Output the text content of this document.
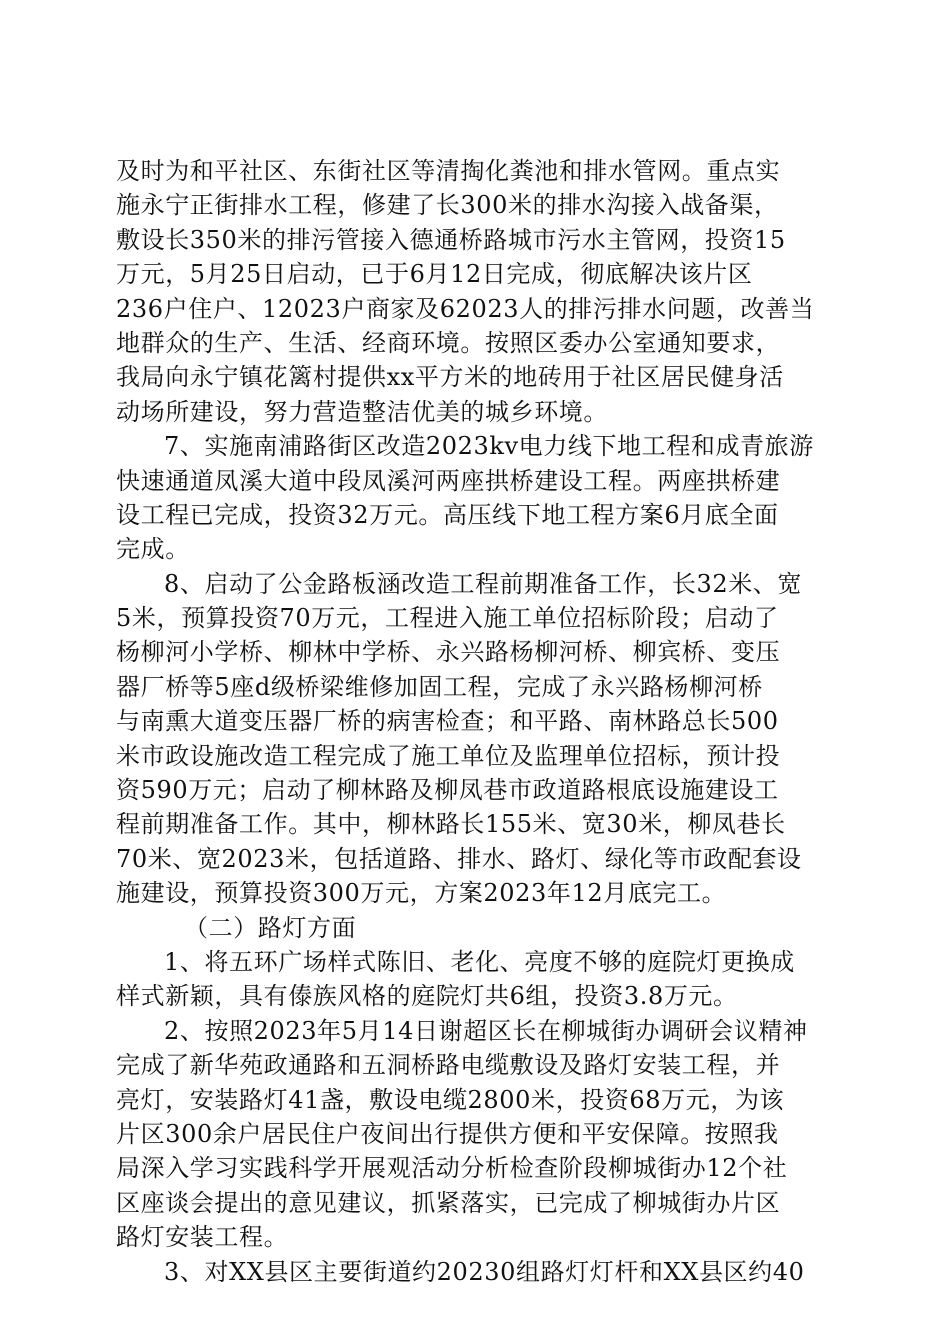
及时为和平社区、东街社区等清掏化粪池和排水管网。重点实
施永宁正街排水工程，修建了长300米的排水沟接入战备渠，
敷设长350米的排污管接入德通桥路城市污水主管网，投资15
万元，5月25日启动，已于6月12日完成，彻底解决该片区
236户住户、12023户商家及62023人的排污排水问题，改善当
地群众的生产、生活、经商环境。按照区委办公室通知要求，
我局向永宁镇花篱村提供xx平方米的地砖用于社区居民健身活
动场所建设，努力营造整洁优美的城乡环境。
7、实施南浦路街区改造2023kv电力线下地工程和成青旅游
快速通道凤溪大道中段凤溪河两座拱桥建设工程。两座拱桥建
设工程已完成，投资32万元。高压线下地工程方案6月底全面
完成。
8、启动了公金路板涵改造工程前期准备工作，长32米、宽
5米，预算投资70万元，工程进入施工单位招标阶段；启动了
杨柳河小学桥、柳林中学桥、永兴路杨柳河桥、柳宾桥、变压
器厂桥等5座d级桥梁维修加固工程，完成了永兴路杨柳河桥
与南熏大道变压器厂桥的病害检查；和平路、南林路总长500
米市政设施改造工程完成了施工单位及监理单位招标，预计投
资590万元；启动了柳林路及柳凤巷市政道路根底设施建设工
程前期准备工作。其中，柳林路长155米、宽30米，柳凤巷长
70米、宽2023米，包括道路、排水、路灯、绿化等市政配套设
施建设，预算投资300万元，方案2023年12月底完工。
（二）路灯方面
1、将五环广场样式陈旧、老化、亮度不够的庭院灯更换成
样式新颖，具有傣族风格的庭院灯共6组，投资3.8万元。
2、按照2023年5月14日谢超区长在柳城街办调研会议精神
完成了新华苑政通路和五洞桥路电缆敷设及路灯安装工程，并
亮灯，安装路灯41盏，敷设电缆2800米，投资68万元，为该
片区300余户居民住户夜间出行提供方便和平安保障。按照我
局深入学习实践科学开展观活动分析检查阶段柳城街办12个社
区座谈会提出的意见建议，抓紧落实，已完成了柳城街办片区
路灯安装工程。
3、对XX县区主要街道约20230组路灯灯杆和XX县区约40
